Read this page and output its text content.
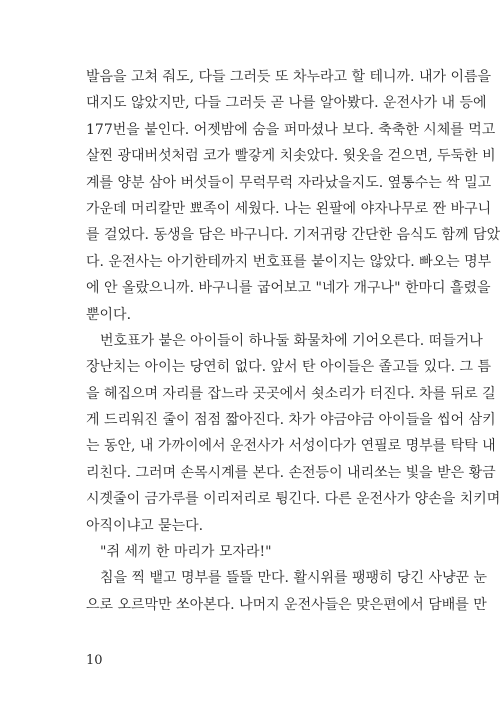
발음을 고쳐 줘도, 다들 그러듯 또 차누라고 할 테니까. 내가 이름을
대지도 않았지만, 다들 그러듯 곧 나를 알아봤다. 운전사가 내 등에
177번을 붙인다. 어젯밤에 숨을 퍼마셨나 보다. 축축한 시체를 먹고
살찐 광대버섯처럼 코가 빨갛게 치솟았다. 윗옷을 걷으면, 두둑한 비
계를 양분 삼아 버섯들이 무럭무럭 자라났을지도. 옆통수는 싹 밀고
가운데 머리칼만 뾰족이 세웠다. 나는 왼팔에 야자나무로 짠 바구니
를 걸었다. 동생을 담은 바구니다. 기저귀랑 간단한 음식도 함께 담았
다. 운전사는 아기한테까지 번호표를 붙이지는 않았다. 빠오는 명부
에 안 올랐으니까. 바구니를 굽어보고 "네가 개구나" 한마디 흘렸을
뿐이다.
번호표가 붙은 아이들이 하나둘 화물차에 기어오른다. 떠들거나
장난치는 아이는 당연히 없다. 앞서 탄 아이들은 졸고들 있다. 그 틈
을 헤집으며 자리를 잡느라 곳곳에서 쇳소리가 터진다. 차를 뒤로 길
게 드리워진 줄이 점점 짧아진다. 차가 야금야금 아이들을 씹어 삼키
는 동안, 내 가까이에서 운전사가 서성이다가 연필로 명부를 탁탁 내
리친다. 그러며 손목시계를 본다. 손전등이 내리쏘는 빛을 받은 황금
시곗줄이 금가루를 이리저리로 튕긴다. 다른 운전사가 양손을 치키며
아직이냐고 묻는다.
"쥐 세끼 한 마리가 모자라!"
침을 찍 뱉고 명부를 뜰뜰 만다. 활시위를 팽팽히 당긴 사냥꾼 눈
으로 오르막만 쏘아본다. 나머지 운전사들은 맞은편에서 담배를 만
10
